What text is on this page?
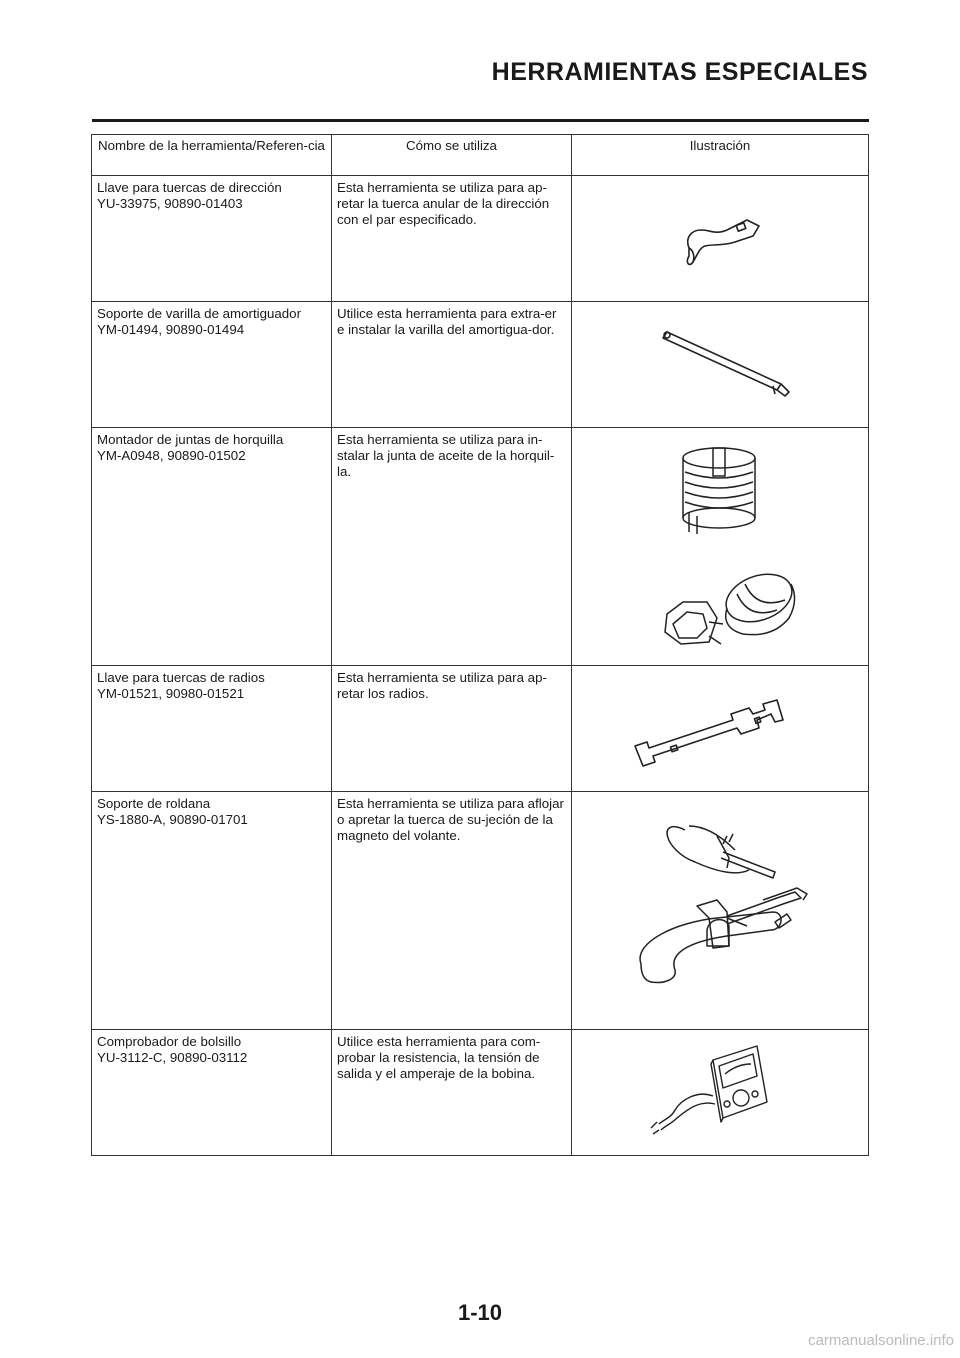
HERRAMIENTAS ESPECIALES
Nombre de la herramienta/Referen-cia	Cómo se utiliza	Ilustración

Llave para tuercas de dirección
YU-33975, 90890-01403	Esta herramienta se utiliza para ap-retar la tuerca anular de la dirección con el par especificado.	

Soporte de varilla de amortiguador
YM-01494, 90890-01494	Utilice esta herramienta para extra-er e instalar la varilla del amortigua-dor.	

Montador de juntas de horquilla
YM-A0948, 90890-01502	Esta herramienta se utiliza para in-stalar la junta de aceite de la horquil-la.	

Llave para tuercas de radios
YM-01521, 90980-01521	Esta herramienta se utiliza para ap-retar los radios.	

Soporte de roldana
YS-1880-A, 90890-01701	Esta herramienta se utiliza para aflojar o apretar la tuerca de su-jeción de la magneto del volante.	

Comprobador de bolsillo
YU-3112-C, 90890-03112	Utilice esta herramienta para com-probar la resistencia, la tensión de salida y el amperaje de la bobina.	
1-10
carmanualsonline.info
